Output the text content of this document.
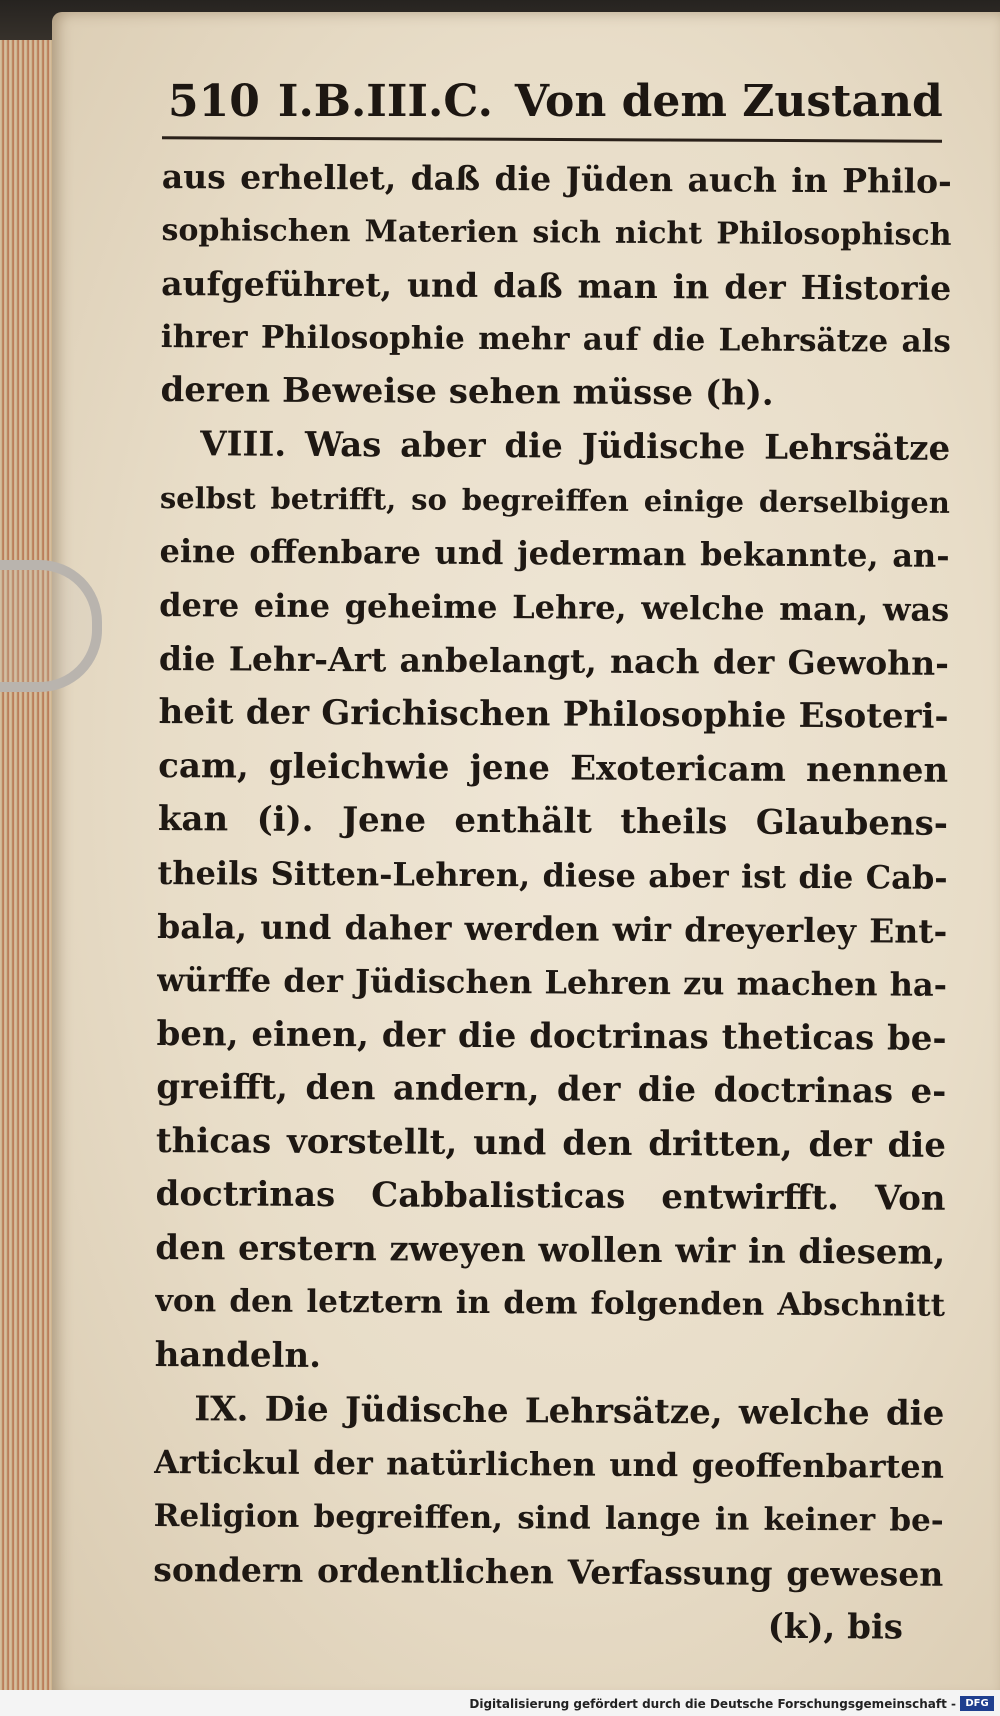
510 I.B.III.C. Von dem Zustand
aus erhellet, daß die Jüden auch in Philo-
sophischen Materien sich nicht Philosophisch
aufgeführet, und daß man in der Historie
ihrer Philosophie mehr auf die Lehrsätze als
deren Beweise sehen müsse (h).
VIII. Was aber die Jüdische Lehrsätze
selbst betrifft, so begreiffen einige derselbigen
eine offenbare und jederman bekannte, an-
dere eine geheime Lehre, welche man, was
die Lehr-Art anbelangt, nach der Gewohn-
heit der Grichischen Philosophie Esoteri-
cam, gleichwie jene Exotericam nennen
kan (i). Jene enthält theils Glaubens-
theils Sitten-Lehren, diese aber ist die Cab-
bala, und daher werden wir dreyerley Ent-
würffe der Jüdischen Lehren zu machen ha-
ben, einen, der die doctrinas theticas be-
greifft, den andern, der die doctrinas e-
thicas vorstellt, und den dritten, der die
doctrinas Cabbalisticas entwirfft. Von
den erstern zweyen wollen wir in diesem,
von den letztern in dem folgenden Abschnitt
handeln.
IX. Die Jüdische Lehrsätze, welche die
Artickul der natürlichen und geoffenbarten
Religion begreiffen, sind lange in keiner be-
sondern ordentlichen Verfassung gewesen
(k), bis
Digitalisierung gefördert durch die Deutsche Forschungsgemeinschaft - DFG
